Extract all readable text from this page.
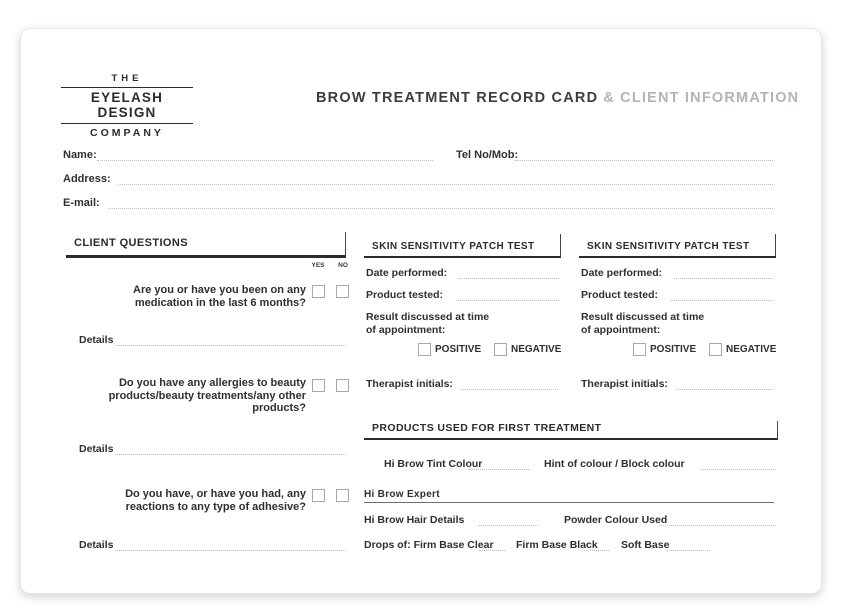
THE
EYELASH DESIGN
COMPANY
BROW TREATMENT RECORD CARD & CLIENT INFORMATION
Name:	Tel No/Mob:
Address:
E-mail:
CLIENT QUESTIONS
YES	NO
Are you or have you been on any medication in the last 6 months?
Details
Do you have any allergies to beauty products/beauty treatments/any other products?
Details
Do you have, or have you had, any reactions to any type of adhesive?
Details
SKIN SENSITIVITY PATCH TEST
Date performed:
Product tested:
Result discussed at time
of appointment:
POSITIVE	NEGATIVE
Therapist initials:
SKIN SENSITIVITY PATCH TEST
Date performed:
Product tested:
Result discussed at time
of appointment:
POSITIVE	NEGATIVE
Therapist initials:
PRODUCTS USED FOR FIRST TREATMENT
Hi Brow Tint Colour	Hint of colour / Block colour
Hi Brow Expert
Hi Brow Hair Details	Powder Colour Used
Drops of: Firm Base Clear Firm Base Black Soft Base
